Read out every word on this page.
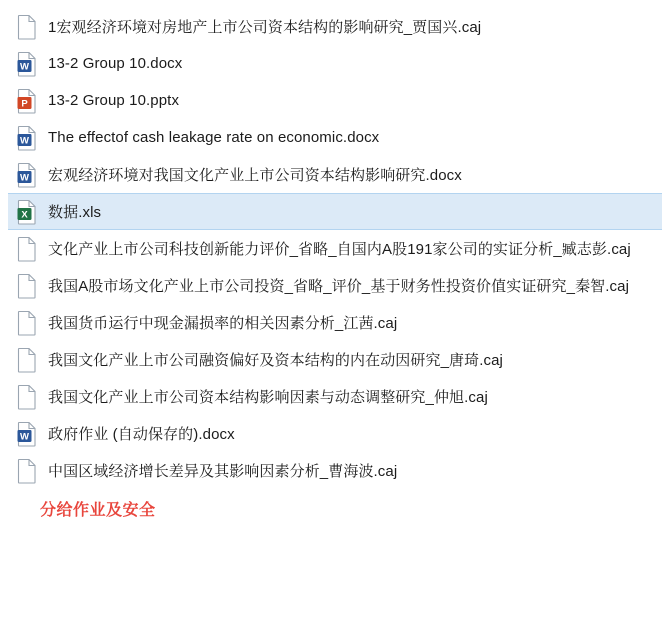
1宏观经济环境对房地产上市公司资本结构的影响研究_贾国兴.caj
W 13-2 Group 10.docx
P 13-2 Group 10.pptx
W The effectof cash leakage rate on economic.docx
W 宏观经济环境对我国文化产业上市公司资本结构影响研究.docx
X 数据.xls
文化产业上市公司科技创新能力评价_省略_自国内A股191家公司的实证分析_臧志彭.caj
我国A股市场文化产业上市公司投资_省略_评价_基于财务性投资价值实证研究_秦智.caj
我国货币运行中现金漏损率的相关因素分析_江茜.caj
我国文化产业上市公司融资偏好及资本结构的内在动因研究_唐琦.caj
我国文化产业上市公司资本结构影响因素与动态调整研究_仲旭.caj
W 政府作业 (自动保存的).docx
中国区域经济增长差异及其影响因素分析_曹海波.caj
分给作业及安全
